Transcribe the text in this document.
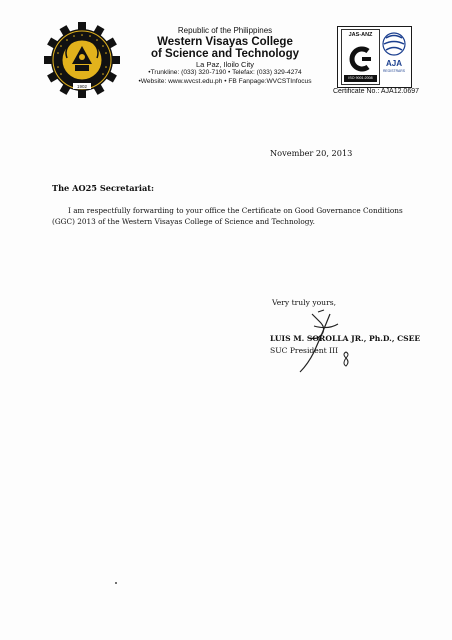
1902
Republic of the Philippines
Western Visayas College
of Science and Technology
La Paz, Iloilo City
•Trunkline: (033) 320-7190 • Telefax: (033) 329-4274
•Website: www.wvcst.edu.ph • FB Fanpage:WVCSTInfocus
JAS-ANZ
ISO 9001:2008
AJA
REGISTRARS
Certificate No.: AJA12.0697
November 20, 2013
The AO25 Secretariat:
I am respectfully forwarding to your office the Certificate on Good Governance Conditions (GGC) 2013 of the Western Visayas College of Science and Technology.
Very truly yours,
LUIS M. SOROLLA JR., Ph.D., CSEE
SUC President III
